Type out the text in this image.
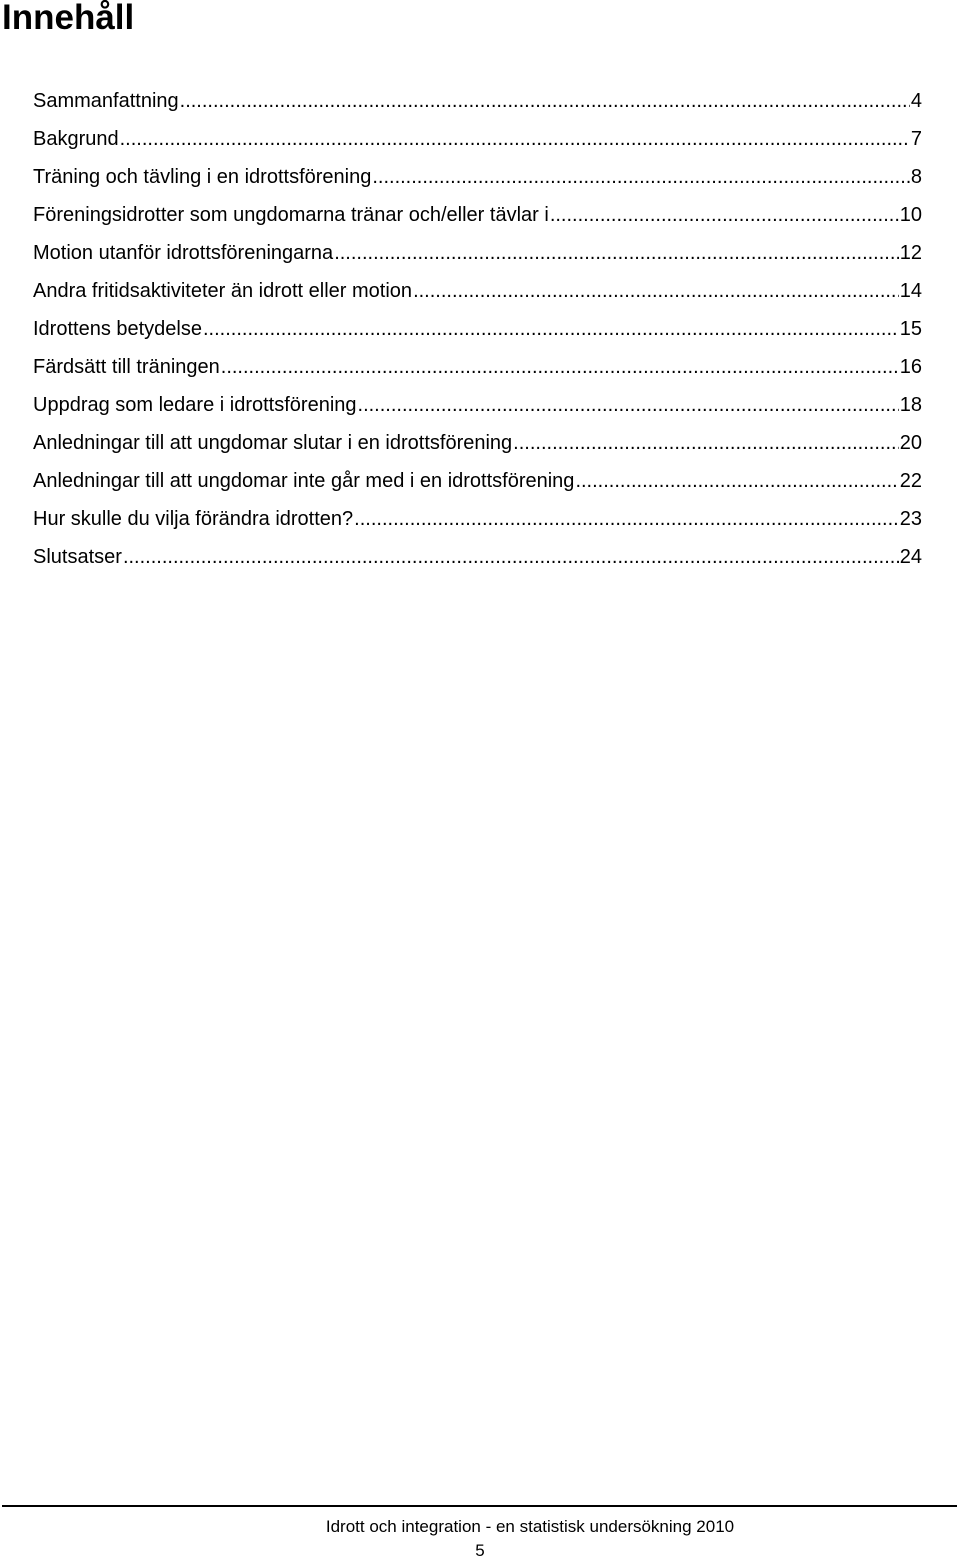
Innehåll
Sammanfattning .....	4
Bakgrund .....	7
Träning och tävling i en idrottsförening .....	8
Föreningsidrotter som ungdomarna tränar och/eller tävlar i .....	10
Motion utanför idrottsföreningarna .....	12
Andra fritidsaktiviteter än idrott eller motion .....	14
Idrottens betydelse .....	15
Färdsätt till träningen .....	16
Uppdrag som ledare i idrottsförening .....	18
Anledningar till att ungdomar slutar i en idrottsförening .....	20
Anledningar till att ungdomar inte går med i en idrottsförening .....	22
Hur skulle du vilja förändra idrotten? .....	23
Slutsatser .....	24
Idrott och integration - en statistisk undersökning 2010
5
